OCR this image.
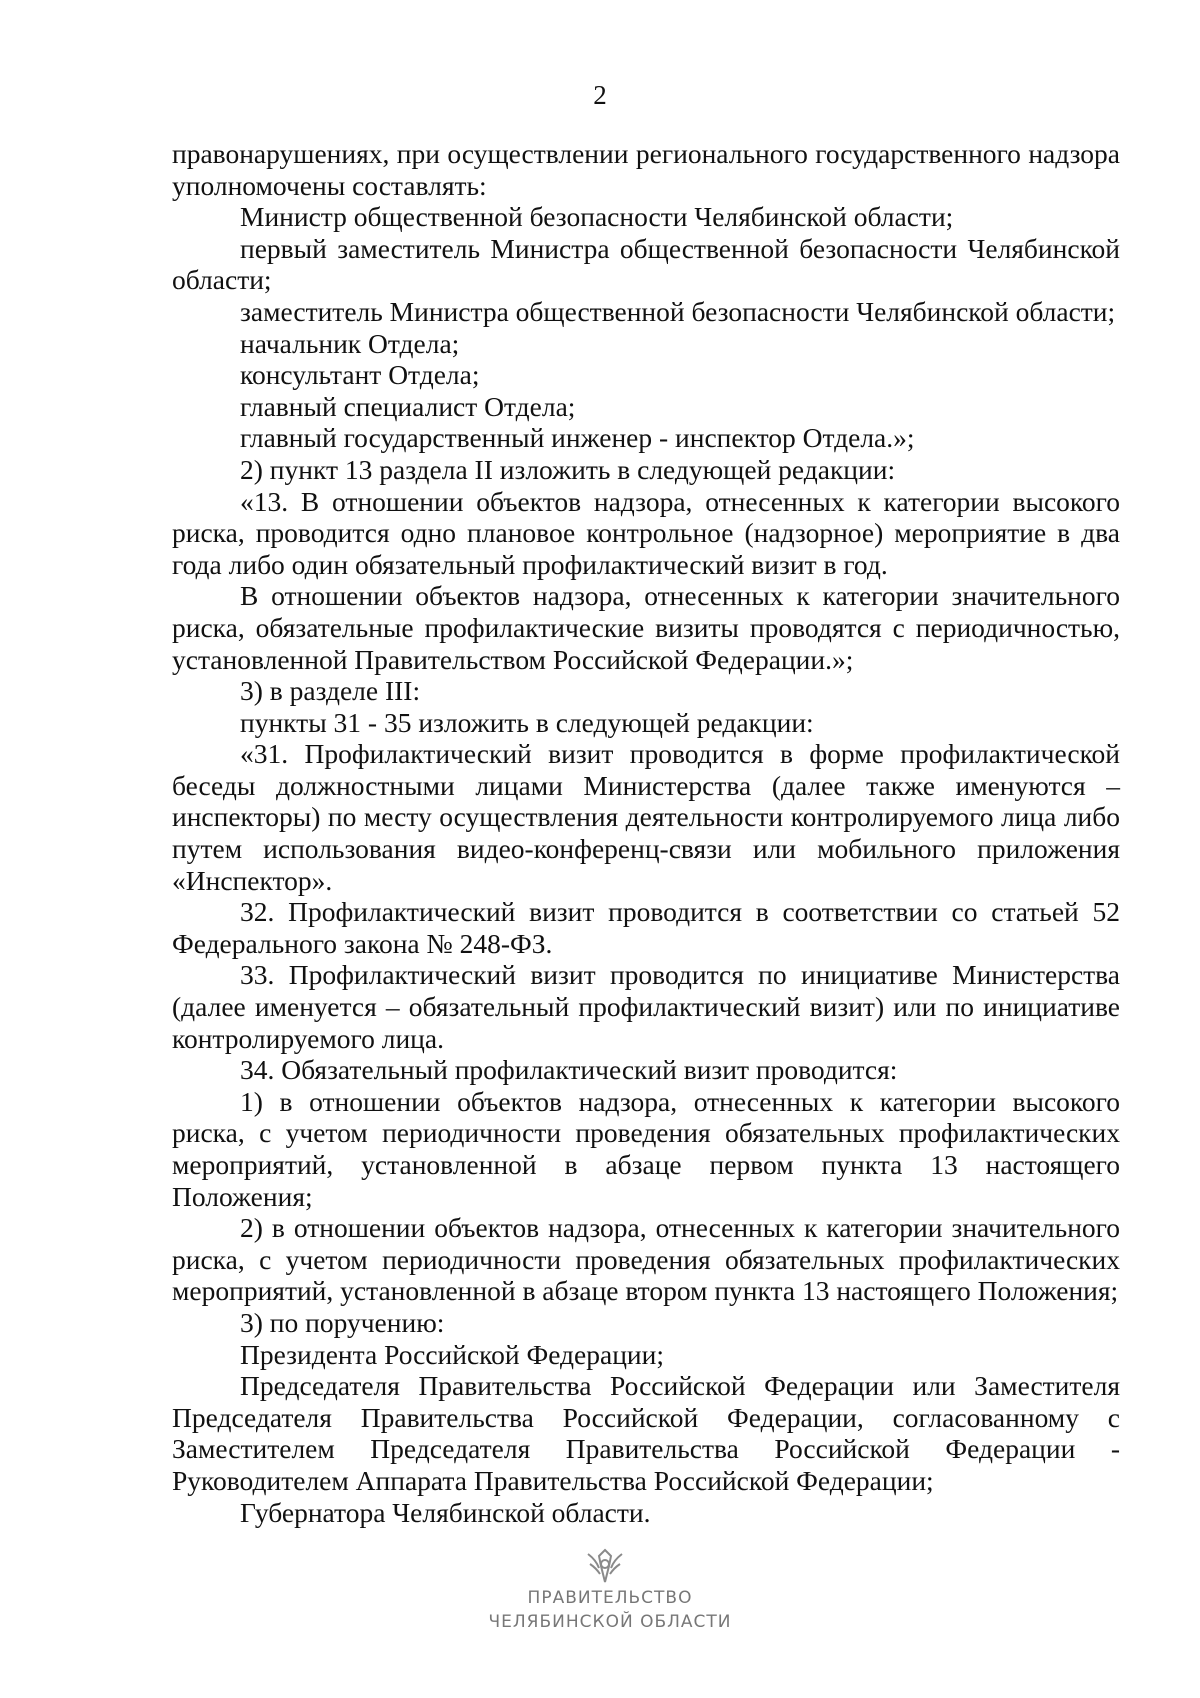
2

правонарушениях, при осуществлении регионального государственного надзора уполномочены составлять:

Министр общественной безопасности Челябинской области;

первый заместитель Министра общественной безопасности Челябинской области;

заместитель Министра общественной безопасности Челябинской области;

начальник Отдела;

консультант Отдела;

главный специалист Отдела;

главный государственный инженер - инспектор Отдела.»;

2) пункт 13 раздела II изложить в следующей редакции:

«13. В отношении объектов надзора, отнесенных к категории высокого риска, проводится одно плановое контрольное (надзорное) мероприятие в два года либо один обязательный профилактический визит в год.

В отношении объектов надзора, отнесенных к категории значительного риска, обязательные профилактические визиты проводятся с периодичностью, установленной Правительством Российской Федерации.»;

3) в разделе III:

пункты 31 - 35 изложить в следующей редакции:

«31. Профилактический визит проводится в форме профилактической беседы должностными лицами Министерства (далее также именуются – инспекторы) по месту осуществления деятельности контролируемого лица либо путем использования видео-конференц-связи или мобильного приложения «Инспектор».

32. Профилактический визит проводится в соответствии со статьей 52 Федерального закона № 248-ФЗ.

33. Профилактический визит проводится по инициативе Министерства (далее именуется – обязательный профилактический визит) или по инициативе контролируемого лица.

34. Обязательный профилактический визит проводится:

1) в отношении объектов надзора, отнесенных к категории высокого риска, с учетом периодичности проведения обязательных профилактических мероприятий, установленной в абзаце первом пункта 13 настоящего Положения;

2) в отношении объектов надзора, отнесенных к категории значительного риска, с учетом периодичности проведения обязательных профилактических мероприятий, установленной в абзаце втором пункта 13 настоящего Положения;

3) по поручению:

Президента Российской Федерации;

Председателя Правительства Российской Федерации или Заместителя Председателя Правительства Российской Федерации, согласованному с Заместителем Председателя Правительства Российской Федерации - Руководителем Аппарата Правительства Российской Федерации;

Губернатора Челябинской области.

ПРАВИТЕЛЬСТВО
ЧЕЛЯБИНСКОЙ ОБЛАСТИ
